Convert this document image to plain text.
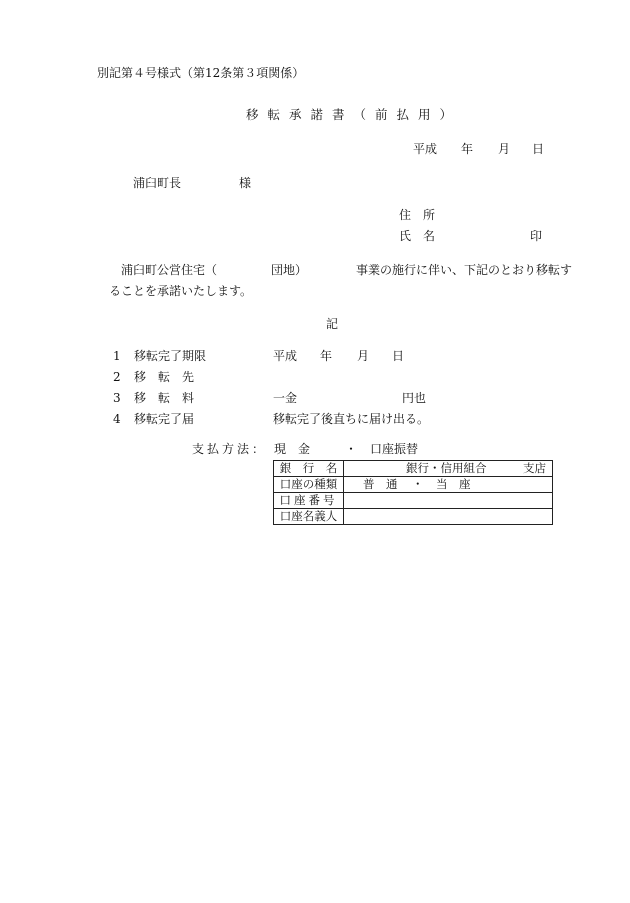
別記第４号様式（第12条第３項関係）
移転承諾書（前払用）
平成 年 月 日
浦臼町長	様
住　所
氏　名	印
浦臼町公営住宅（	団地）	事業の施行に伴い、下記のとおり移転す
ることを承諾いたします。
記
1 移転完了期限	平成 年 月 日
2 移　転　先
3 移　転　料	一金	円也
4 移転完了届	移転完了後直ちに届け出る。
支払方法： 現　金	・ 口座振替
銀　行　名	銀行・信用組合 支店

口座の種類	普　通 ・ 当　座

口座番号	
口座名義人	
